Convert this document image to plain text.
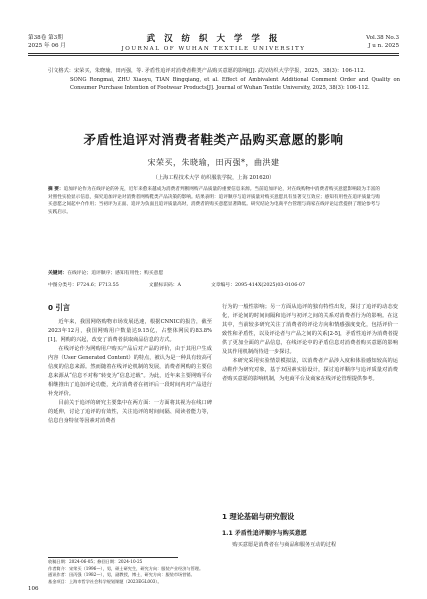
第38卷 第3期
2025 年 06 月
武 汉 纺 织 大 学 学 报
JOURNAL OF WUHAN TEXTILE UNIVERSITY
Vol.38 No.3
J u n. 2025
引文格式：宋荣买，朱晓瑜，田丙强，等. 矛盾性追评对消费者鞋类产品购买意愿的影响[J]. 武汉纺织大学学报，2025，38(3)：106-112.
SONG Rongmai, ZHU Xiaoyu, TIAN Bingqiang, et al. Effect of Ambivalent Additional Comment Order and Quality on Consumer Purchase Intention of Footwear Products[J]. Journal of Wuhan Textile University, 2025, 38(3): 106-112.
矛盾性追评对消费者鞋类产品购买意愿的影响
宋荣买，朱晓瑜，田丙强*，曲洪建
（上海工程技术大学 纺织服装学院，上海 201620）
摘 要：追加评论作为在线评论的补充，近年来愈来越成为消费者判断网购产品质量的重要信息来源。当前追加评论，对在线购物中消费者购买意愿影响较为丰富的对照性实验显示信息，探究追加评论对消费者网购鞋类产品决策的影响。结果表明：追评顺序与追评质量对购买意愿具有显著交互效应；感知有用性在追评质量与购买意愿之间起中介作用；当初评为正面、追评为负面且追评质量高时，消费者的购买意愿显著降低。研究结论为电商平台管理与商家在线评论运营提供了理论参考与实践启示。
关键词：在线评论；追评顺序；感知有用性；购买意愿
中图分类号：F724.6；F713.55	文献标识码：A	文章编号：2095-414X(2025)03-0106-07
0 引言

近年来，我国网络购物市场发展迅速，根据CNNIC的报告，截至2023年12月，我国网购用户数量达9.15亿，占整体网民的83.8%[1]。网购的兴起，改变了消费者获取商品信息的方式。

在线评论作为网购用户购买产品后对产品的评价，由于其用户生成内容（User Generated Content）的特点，被认为是一种具有较高可信度的信息来源。然而随着在线评论机制的发展，消费者网购的主要信息来源从“信息不对称”转变为“信息过载”。为此，近年来主要网购平台相继推出了追加评论功能，允许消费者在初评后一段时间内对产品进行补充评价。

目前关于追评的研究主要集中在两方面：一方面将其视为在线口碑的延伸，讨论了追评的有效性，关注追评的时间间隔、阅读者能力等，信息自身特征等因素对消费者

行为的一般性影响；另一方面从追评的独有特性出发，探讨了追评的动态变化，评论间的时间间隔和追评与初评之间的关系对消费者行为的影响。在这其中，当前较多研究关注了消费者的评论方向和情感强度变化，包括评价一致性和矛盾性，以及评论者与产品之间的关系[2-5]，矛盾性追评为消费者提供了更加全面的产品信息，在线评论中的矛盾信息对消费者购买意愿的影响及其作用机制尚待进一步探讨。

本研究采用实验情景模拟法，以消费者产品涉入度和体验感知较高的运动鞋作为研究对象，基于双因素实验设计，探讨追评顺序与追评质量对消费者购买意愿的影响机制，为电商平台及商家在线评论管理提供参考。

1 理论基础与研究假设
1.1 矛盾性追评顺序与购买意愿

购买意愿是消费者在与商品和服务互动的过程

收稿日期：2024-06-05；修回日期：2024-10-25
作者简介：宋荣买（1996—），男，硕士研究生，研究方向：服装产业经济与管理。
通讯作者：田丙强（1982—），男，副教授，博士，研究方向：服装市场营销。
基金项目：上海市哲学社会科学规划课题（2023EGL003）。
106
